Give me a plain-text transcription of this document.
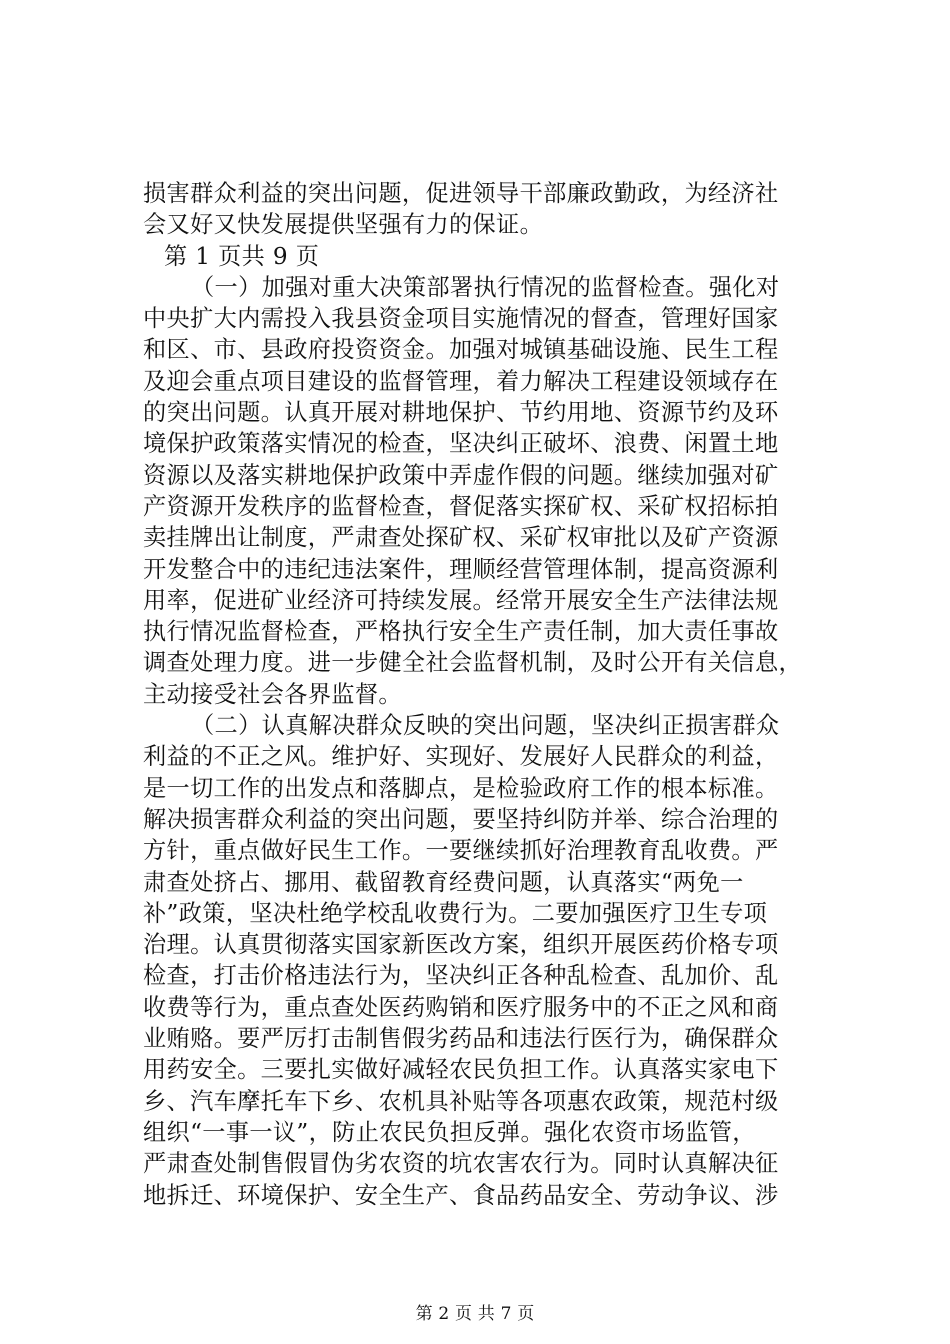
损害群众利益的突出问题，促进领导干部廉政勤政，为经济社
会又好又快发展提供坚强有力的保证。
第 1 页共 9 页
（一）加强对重大决策部署执行情况的监督检查。强化对
中央扩大内需投入我县资金项目实施情况的督查，管理好国家
和区、市、县政府投资资金。加强对城镇基础设施、民生工程
及迎会重点项目建设的监督管理，着力解决工程建设领域存在
的突出问题。认真开展对耕地保护、节约用地、资源节约及环
境保护政策落实情况的检查，坚决纠正破坏、浪费、闲置土地
资源以及落实耕地保护政策中弄虚作假的问题。继续加强对矿
产资源开发秩序的监督检查，督促落实探矿权、采矿权招标拍
卖挂牌出让制度，严肃查处探矿权、采矿权审批以及矿产资源
开发整合中的违纪违法案件，理顺经营管理体制，提高资源利
用率，促进矿业经济可持续发展。经常开展安全生产法律法规
执行情况监督检查，严格执行安全生产责任制，加大责任事故
调查处理力度。进一步健全社会监督机制，及时公开有关信息，
主动接受社会各界监督。
（二）认真解决群众反映的突出问题，坚决纠正损害群众
利益的不正之风。维护好、实现好、发展好人民群众的利益，
是一切工作的出发点和落脚点，是检验政府工作的根本标准。
解决损害群众利益的突出问题，要坚持纠防并举、综合治理的
方针，重点做好民生工作。一要继续抓好治理教育乱收费。严
肃查处挤占、挪用、截留教育经费问题，认真落实“两免一
补”政策，坚决杜绝学校乱收费行为。二要加强医疗卫生专项
治理。认真贯彻落实国家新医改方案，组织开展医药价格专项
检查，打击价格违法行为，坚决纠正各种乱检查、乱加价、乱
收费等行为，重点查处医药购销和医疗服务中的不正之风和商
业贿赂。要严厉打击制售假劣药品和违法行医行为，确保群众
用药安全。三要扎实做好减轻农民负担工作。认真落实家电下
乡、汽车摩托车下乡、农机具补贴等各项惠农政策，规范村级
组织“一事一议”，防止农民负担反弹。强化农资市场监管，
严肃查处制售假冒伪劣农资的坑农害农行为。同时认真解决征
地拆迁、环境保护、安全生产、食品药品安全、劳动争议、涉
第 2 页 共 7 页
